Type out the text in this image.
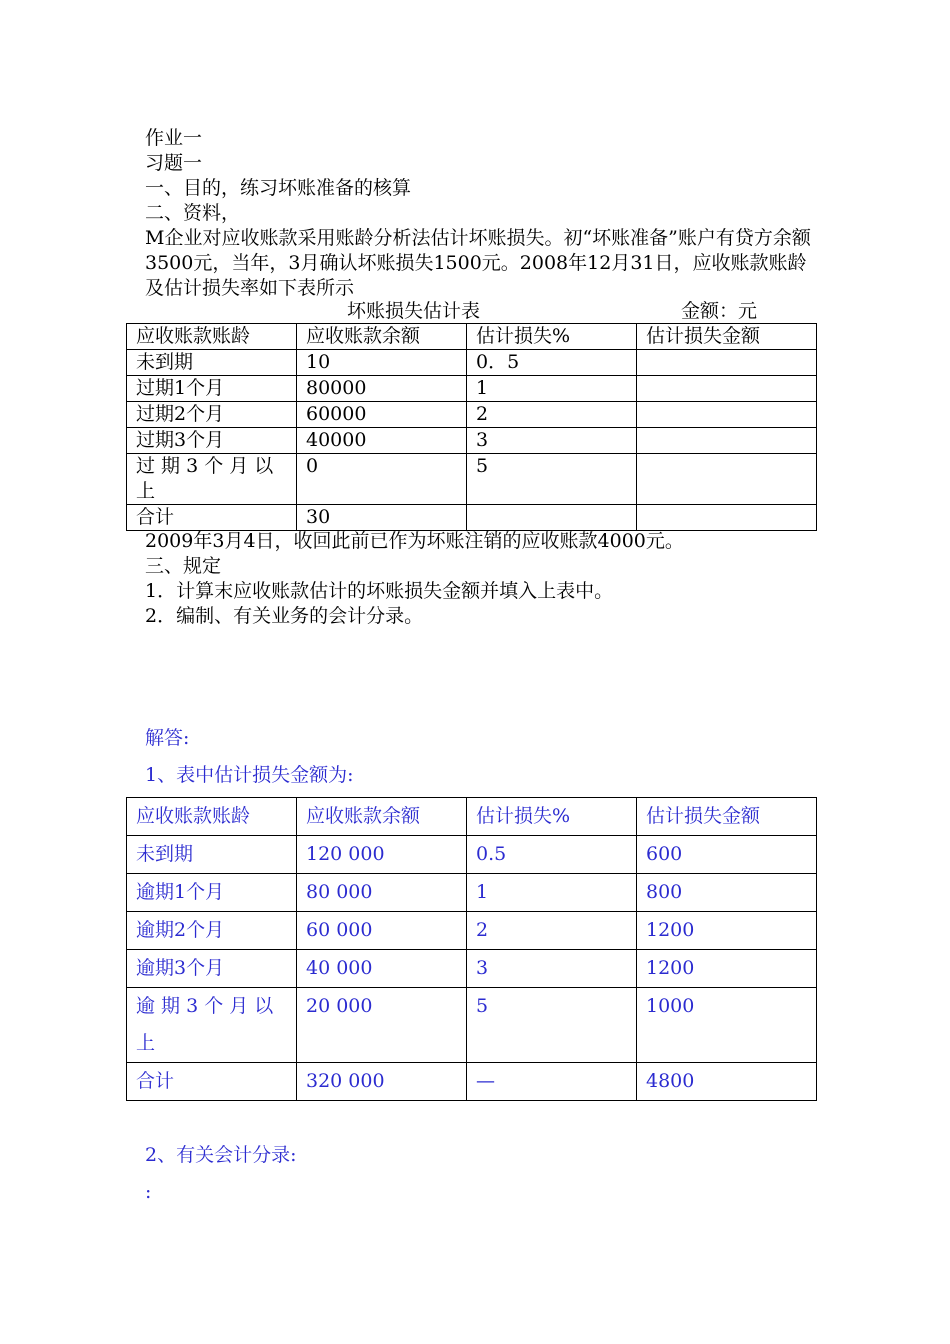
作业一
习题一
一、目的，练习坏账准备的核算
二、资料，
M企业对应收账款采用账龄分析法估计坏账损失。初“坏账准备”账户有贷方余额3500元，当年，3月确认坏账损失1500元。2008年12月31日，应收账款账龄及估计损失率如下表所示
坏账损失估计表	金额：元
应收账款账龄	应收账款余额	估计损失%	估计损失金额
未到期	10	0．5	
过期1个月	80000	1	
过期2个月	60000	2	
过期3个月	40000	3	
过 期 3 个 月 以 上	0	5	
合计	30		
2009年3月4日，收回此前已作为坏账注销的应收账款4000元。
三、规定
1．计算末应收账款估计的坏账损失金额并填入上表中。
2．编制、有关业务的会计分录。
解答:
1、表中估计损失金额为:
应收账款账龄	应收账款余额	估计损失%	估计损失金额
未到期	120 000	0.5	600
逾期1个月	80 000	1	800
逾期2个月	60 000	2	1200
逾期3个月	40 000	3	1200
逾 期 3 个 月 以 上	20 000	5	1000
合计	320 000	—	4800
2、有关会计分录:
:
